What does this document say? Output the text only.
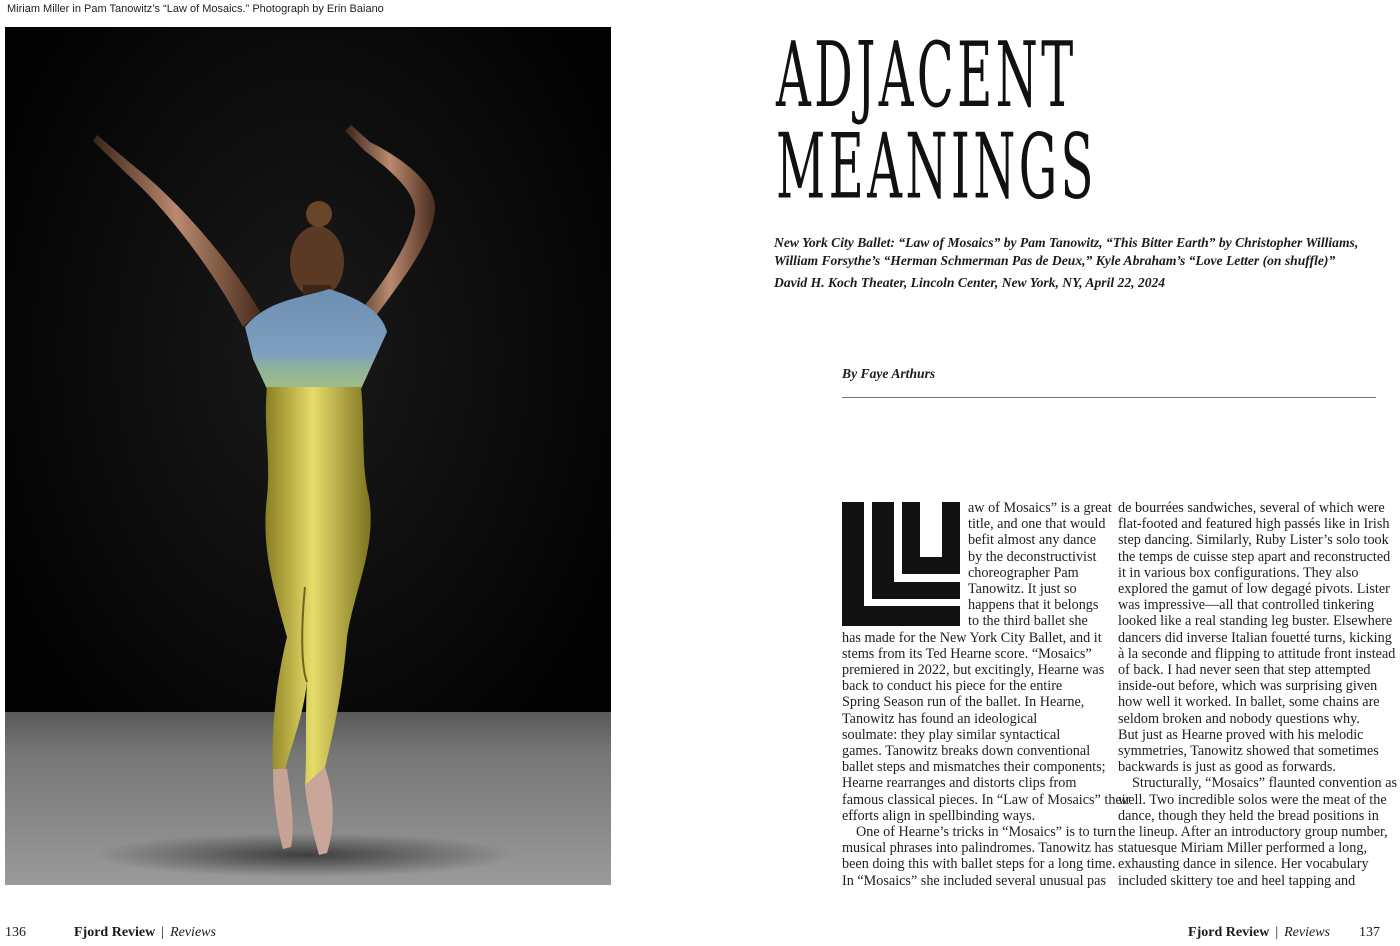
Miriam Miller in Pam Tanowitz’s “Law of Mosaics.” Photograph by Erin Baiano
ADJACENT
MEANINGS
New York City Ballet: “Law of Mosaics” by Pam Tanowitz, “This Bitter Earth” by Christopher Williams, William Forsythe’s “Herman Schmerman Pas de Deux,” Kyle Abraham’s “Love Letter (on shuffle)”
David H. Koch Theater, Lincoln Center, New York, NY, April 22, 2024
By Faye Arthurs
aw of Mosaics” is a great
title, and one that would
befit almost any dance
by the deconstructivist
choreographer Pam
Tanowitz. It just so
happens that it belongs
to the third ballet she
has made for the New York City Ballet, and it
stems from its Ted Hearne score. “Mosaics”
premiered in 2022, but excitingly, Hearne was
back to conduct his piece for the entire
Spring Season run of the ballet. In Hearne,
Tanowitz has found an ideological
soulmate: they play similar syntactical
games. Tanowitz breaks down conventional
ballet steps and mismatches their components;
Hearne rearranges and distorts clips from
famous classical pieces. In “Law of Mosaics” their
efforts align in spellbinding ways.
One of Hearne’s tricks in “Mosaics” is to turn
musical phrases into palindromes. Tanowitz has
been doing this with ballet steps for a long time.
In “Mosaics” she included several unusual pas
de bourrées sandwiches, several of which were
flat-footed and featured high passés like in Irish
step dancing. Similarly, Ruby Lister’s solo took
the temps de cuisse step apart and reconstructed
it in various box configurations. They also
explored the gamut of low degagé pivots. Lister
was impressive—all that controlled tinkering
looked like a real standing leg buster. Elsewhere
dancers did inverse Italian fouetté turns, kicking
à la seconde and flipping to attitude front instead
of back. I had never seen that step attempted
inside-out before, which was surprising given
how well it worked. In ballet, some chains are
seldom broken and nobody questions why.
But just as Hearne proved with his melodic
symmetries, Tanowitz showed that sometimes
backwards is just as good as forwards.
Structurally, “Mosaics” flaunted convention as
well. Two incredible solos were the meat of the
dance, though they held the bread positions in
the lineup. After an introductory group number,
statuesque Miriam Miller performed a long,
exhausting dance in silence. Her vocabulary
included skittery toe and heel tapping and
136	Fjord Review | Reviews	Fjord Review | Reviews 137
